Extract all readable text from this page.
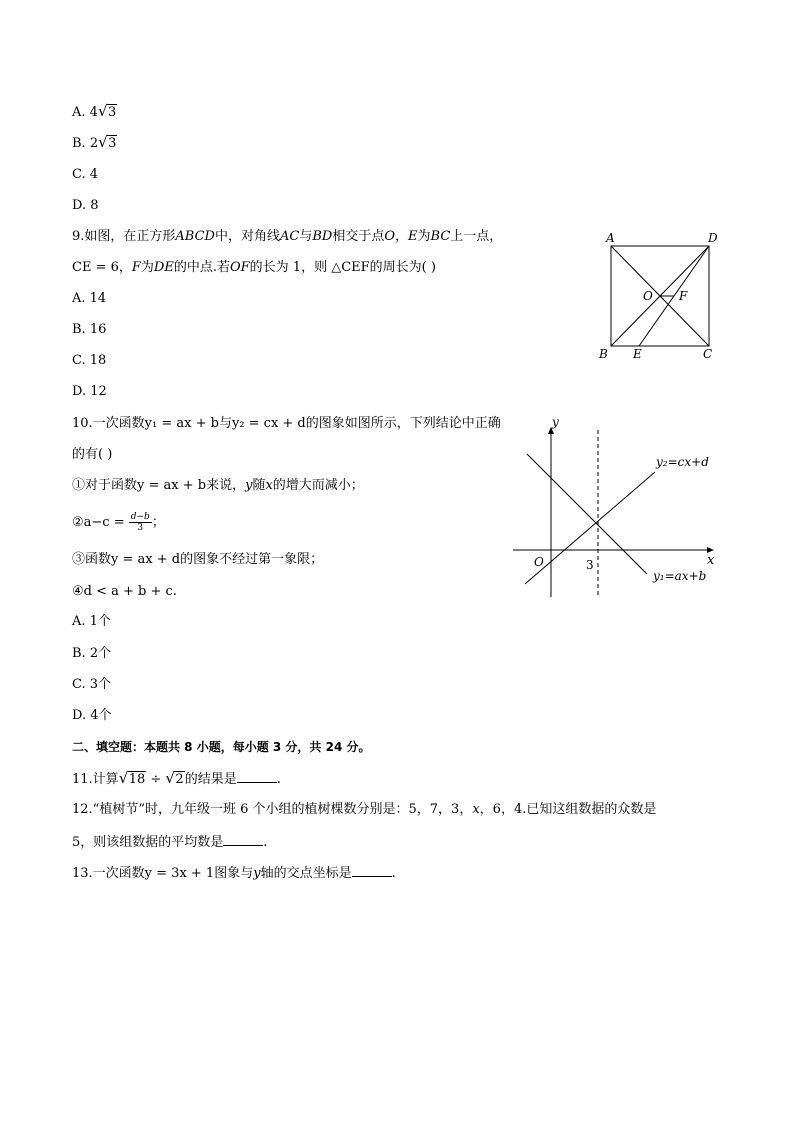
A. 4 √ 3
B. 2 √ 3
C. 4
D. 8
9.如图，在正方形ABCD中，对角线AC与BD相交于点O，E为BC上一点，
CE = 6，F为DE的中点.若OF的长为 1，则 △CEF的周长为( )
A. 14
B. 16
C. 18
D. 12
A	D
B E	C
O F
10.一次函数y₁ = ax + b与y₂ = cx + d的图象如图所示，下列结论中正确
的有( )
①对于函数y = ax + b来说，y随x的增大而减小；
②a−c = $\frac{d-b}{3}$ ；
③函数y = ax + d的图象不经过第一象限；
④d < a + b + c.
A. 1个
B. 2个
C. 3个
D. 4个
y
x
O	3
y₂=cx+d
y₁=ax+b
二、填空题：本题共 8 小题，每小题 3 分，共 24 分。
11.计算 √ 18 ÷ √ 2的结果是	.
12.“植树节”时，九年级一班 6 个小组的植树棵数分别是：5，7，3，x，6，4.已知这组数据的众数是
5，则该组数据的平均数是	.
13.一次函数y = 3x + 1图象与y轴的交点坐标是	.
